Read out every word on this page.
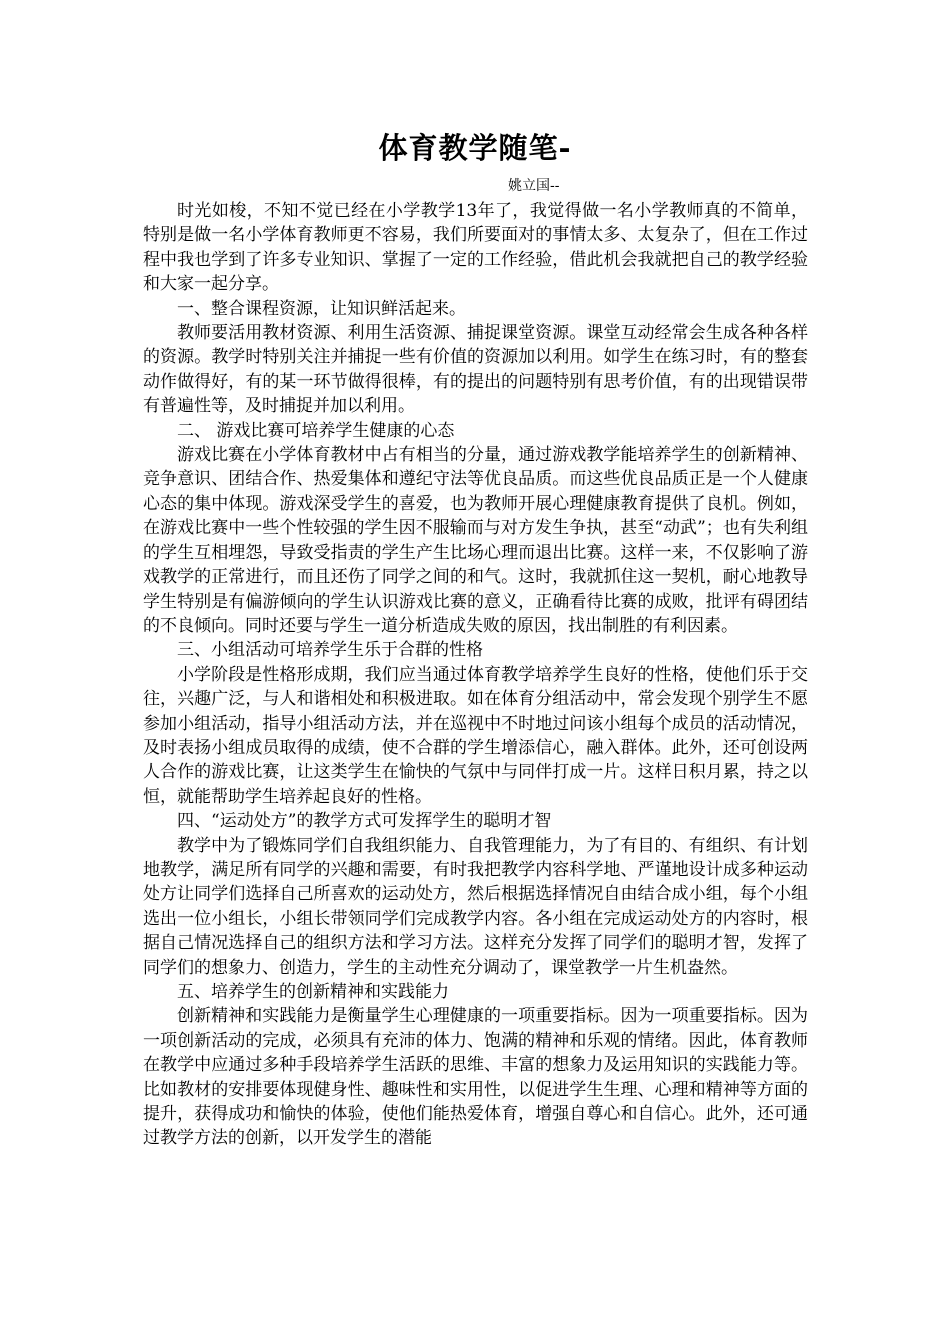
体育教学随笔-
姚立国--

时光如梭，不知不觉已经在小学教学13年了，我觉得做一名小学教师真的不简单，特别是做一名小学体育教师更不容易，我们所要面对的事情太多、太复杂了，但在工作过程中我也学到了许多专业知识、掌握了一定的工作经验，借此机会我就把自己的教学经验和大家一起分享。

一、整合课程资源，让知识鲜活起来。

教师要活用教材资源、利用生活资源、捕捉课堂资源。课堂互动经常会生成各种各样的资源。教学时特别关注并捕捉一些有价值的资源加以利用。如学生在练习时，有的整套动作做得好，有的某一环节做得很棒，有的提出的问题特别有思考价值，有的出现错误带有普遍性等，及时捕捉并加以利用。

二、 游戏比赛可培养学生健康的心态

游戏比赛在小学体育教材中占有相当的分量，通过游戏教学能培养学生的创新精神、竞争意识、团结合作、热爱集体和遵纪守法等优良品质。而这些优良品质正是一个人健康心态的集中体现。游戏深受学生的喜爱，也为教师开展心理健康教育提供了良机。例如，在游戏比赛中一些个性较强的学生因不服输而与对方发生争执，甚至“动武”；也有失利组的学生互相埋怨，导致受指责的学生产生比场心理而退出比赛。这样一来，不仅影响了游戏教学的正常进行，而且还伤了同学之间的和气。这时，我就抓住这一契机，耐心地教导学生特别是有偏游倾向的学生认识游戏比赛的意义，正确看待比赛的成败，批评有碍团结的不良倾向。同时还要与学生一道分析造成失败的原因，找出制胜的有利因素。

三、小组活动可培养学生乐于合群的性格

小学阶段是性格形成期，我们应当通过体育教学培养学生良好的性格，使他们乐于交往，兴趣广泛，与人和谐相处和积极进取。如在体育分组活动中，常会发现个别学生不愿参加小组活动，指导小组活动方法，并在巡视中不时地过问该小组每个成员的活动情况，及时表扬小组成员取得的成绩，使不合群的学生增添信心，融入群体。此外，还可创设两人合作的游戏比赛，让这类学生在愉快的气氛中与同伴打成一片。这样日积月累，持之以恒，就能帮助学生培养起良好的性格。

四、“运动处方”的教学方式可发挥学生的聪明才智

教学中为了锻炼同学们自我组织能力、自我管理能力，为了有目的、有组织、有计划地教学，满足所有同学的兴趣和需要，有时我把教学内容科学地、严谨地设计成多种运动处方让同学们选择自己所喜欢的运动处方，然后根据选择情况自由结合成小组，每个小组选出一位小组长，小组长带领同学们完成教学内容。各小组在完成运动处方的内容时，根据自己情况选择自己的组织方法和学习方法。这样充分发挥了同学们的聪明才智，发挥了同学们的想象力、创造力，学生的主动性充分调动了，课堂教学一片生机盎然。

五、培养学生的创新精神和实践能力

创新精神和实践能力是衡量学生心理健康的一项重要指标。因为一项重要指标。因为一项创新活动的完成，必须具有充沛的体力、饱满的精神和乐观的情绪。因此，体育教师在教学中应通过多种手段培养学生活跃的思维、丰富的想象力及运用知识的实践能力等。比如教材的安排要体现健身性、趣味性和实用性，以促进学生生理、心理和精神等方面的提升，获得成功和愉快的体验，使他们能热爱体育，增强自尊心和自信心。此外，还可通过教学方法的创新，以开发学生的潜能
